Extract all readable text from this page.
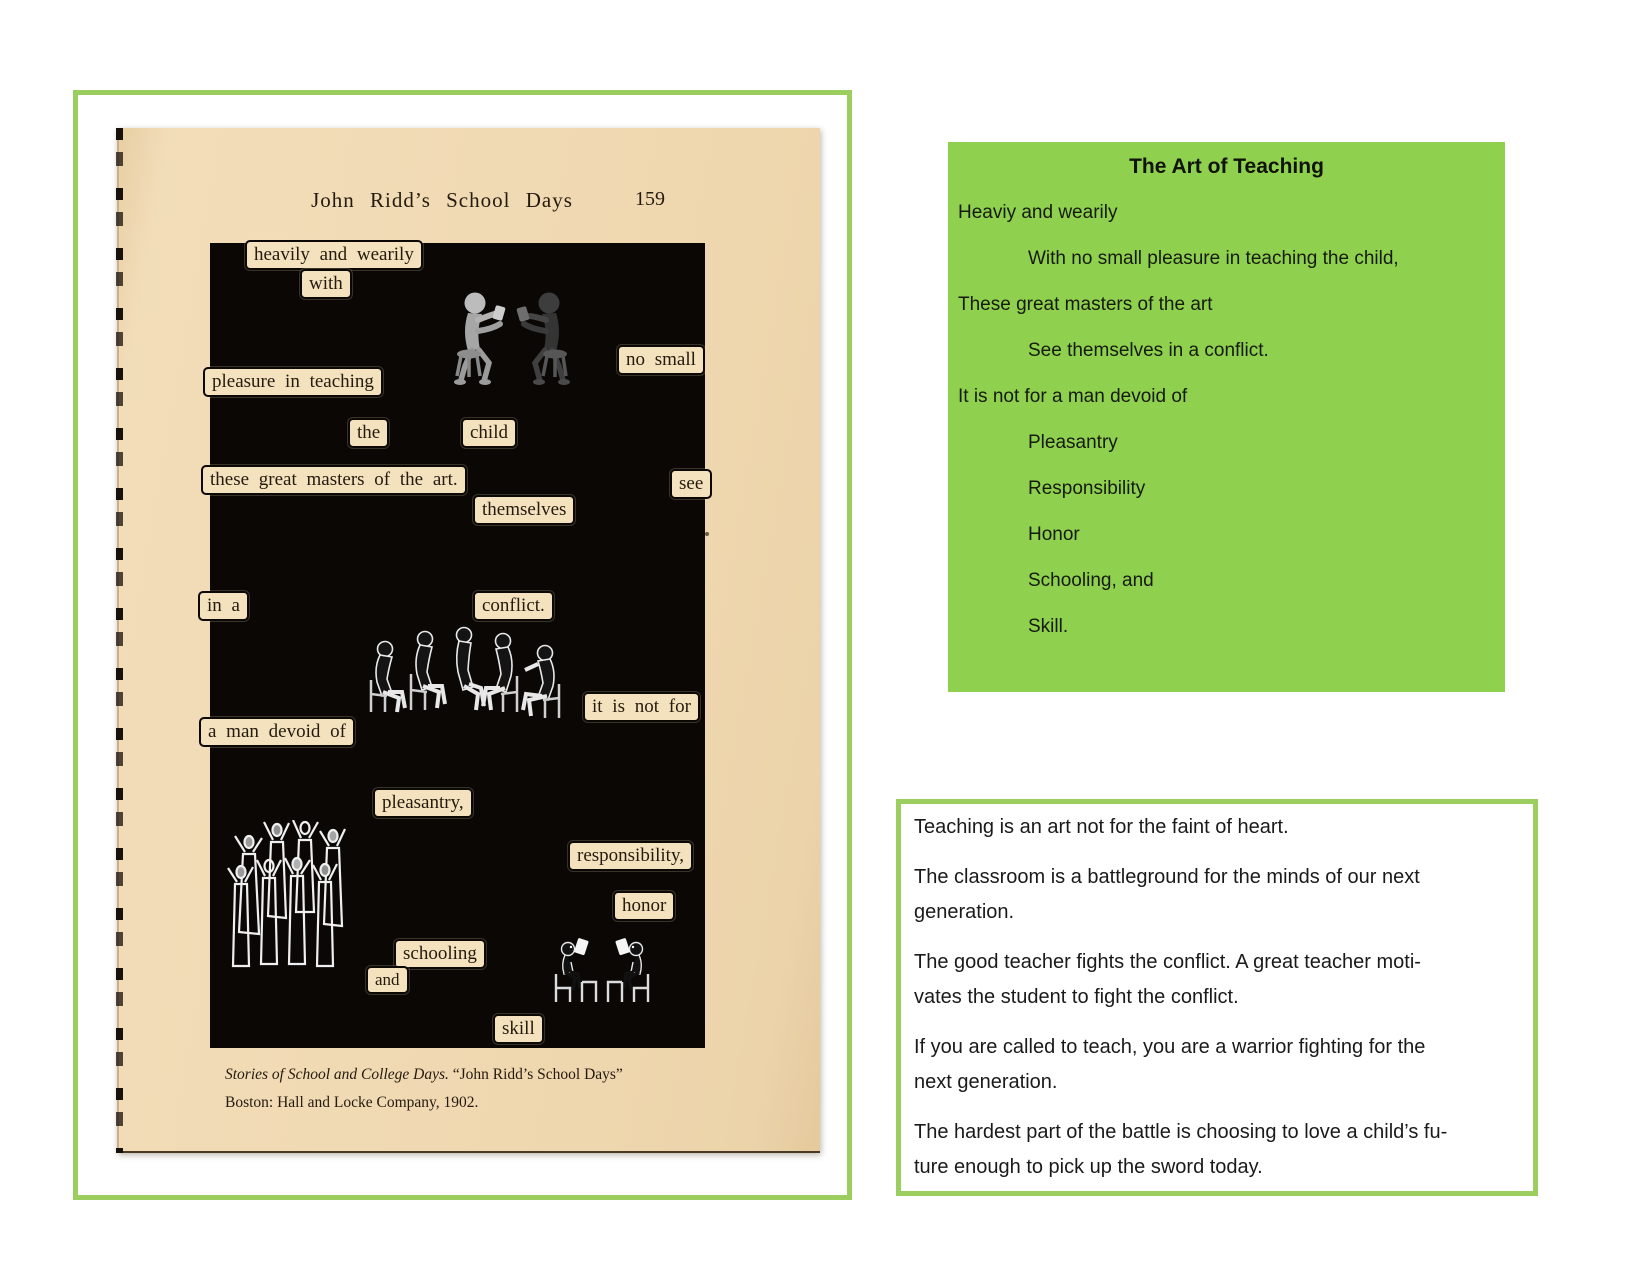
John Ridd’s School Days	159
heavily and wearily
with
no small
pleasure in teaching
the	child
these great masters of the art.	see
themselves
in a	conflict.
it is not for
a man devoid of
pleasantry,
responsibility,
honor
schooling
and
skill
Stories of School and College Days. “John Ridd’s School Days”
Boston: Hall and Locke Company, 1902.
The Art of Teaching
Heaviy and wearily
With no small pleasure in teaching the child,
These great masters of the art
See themselves in a conflict.
It is not for a man devoid of
Pleasantry
Responsibility
Honor
Schooling, and
Skill.
Teaching is an art not for the faint of heart.
The classroom is a battleground for the minds of our next
generation.
The good teacher fights the conflict. A great teacher moti-
vates the student to fight the conflict.
If you are called to teach, you are a warrior fighting for the
next generation.
The hardest part of the battle is choosing to love a child’s fu-
ture enough to pick up the sword today.
